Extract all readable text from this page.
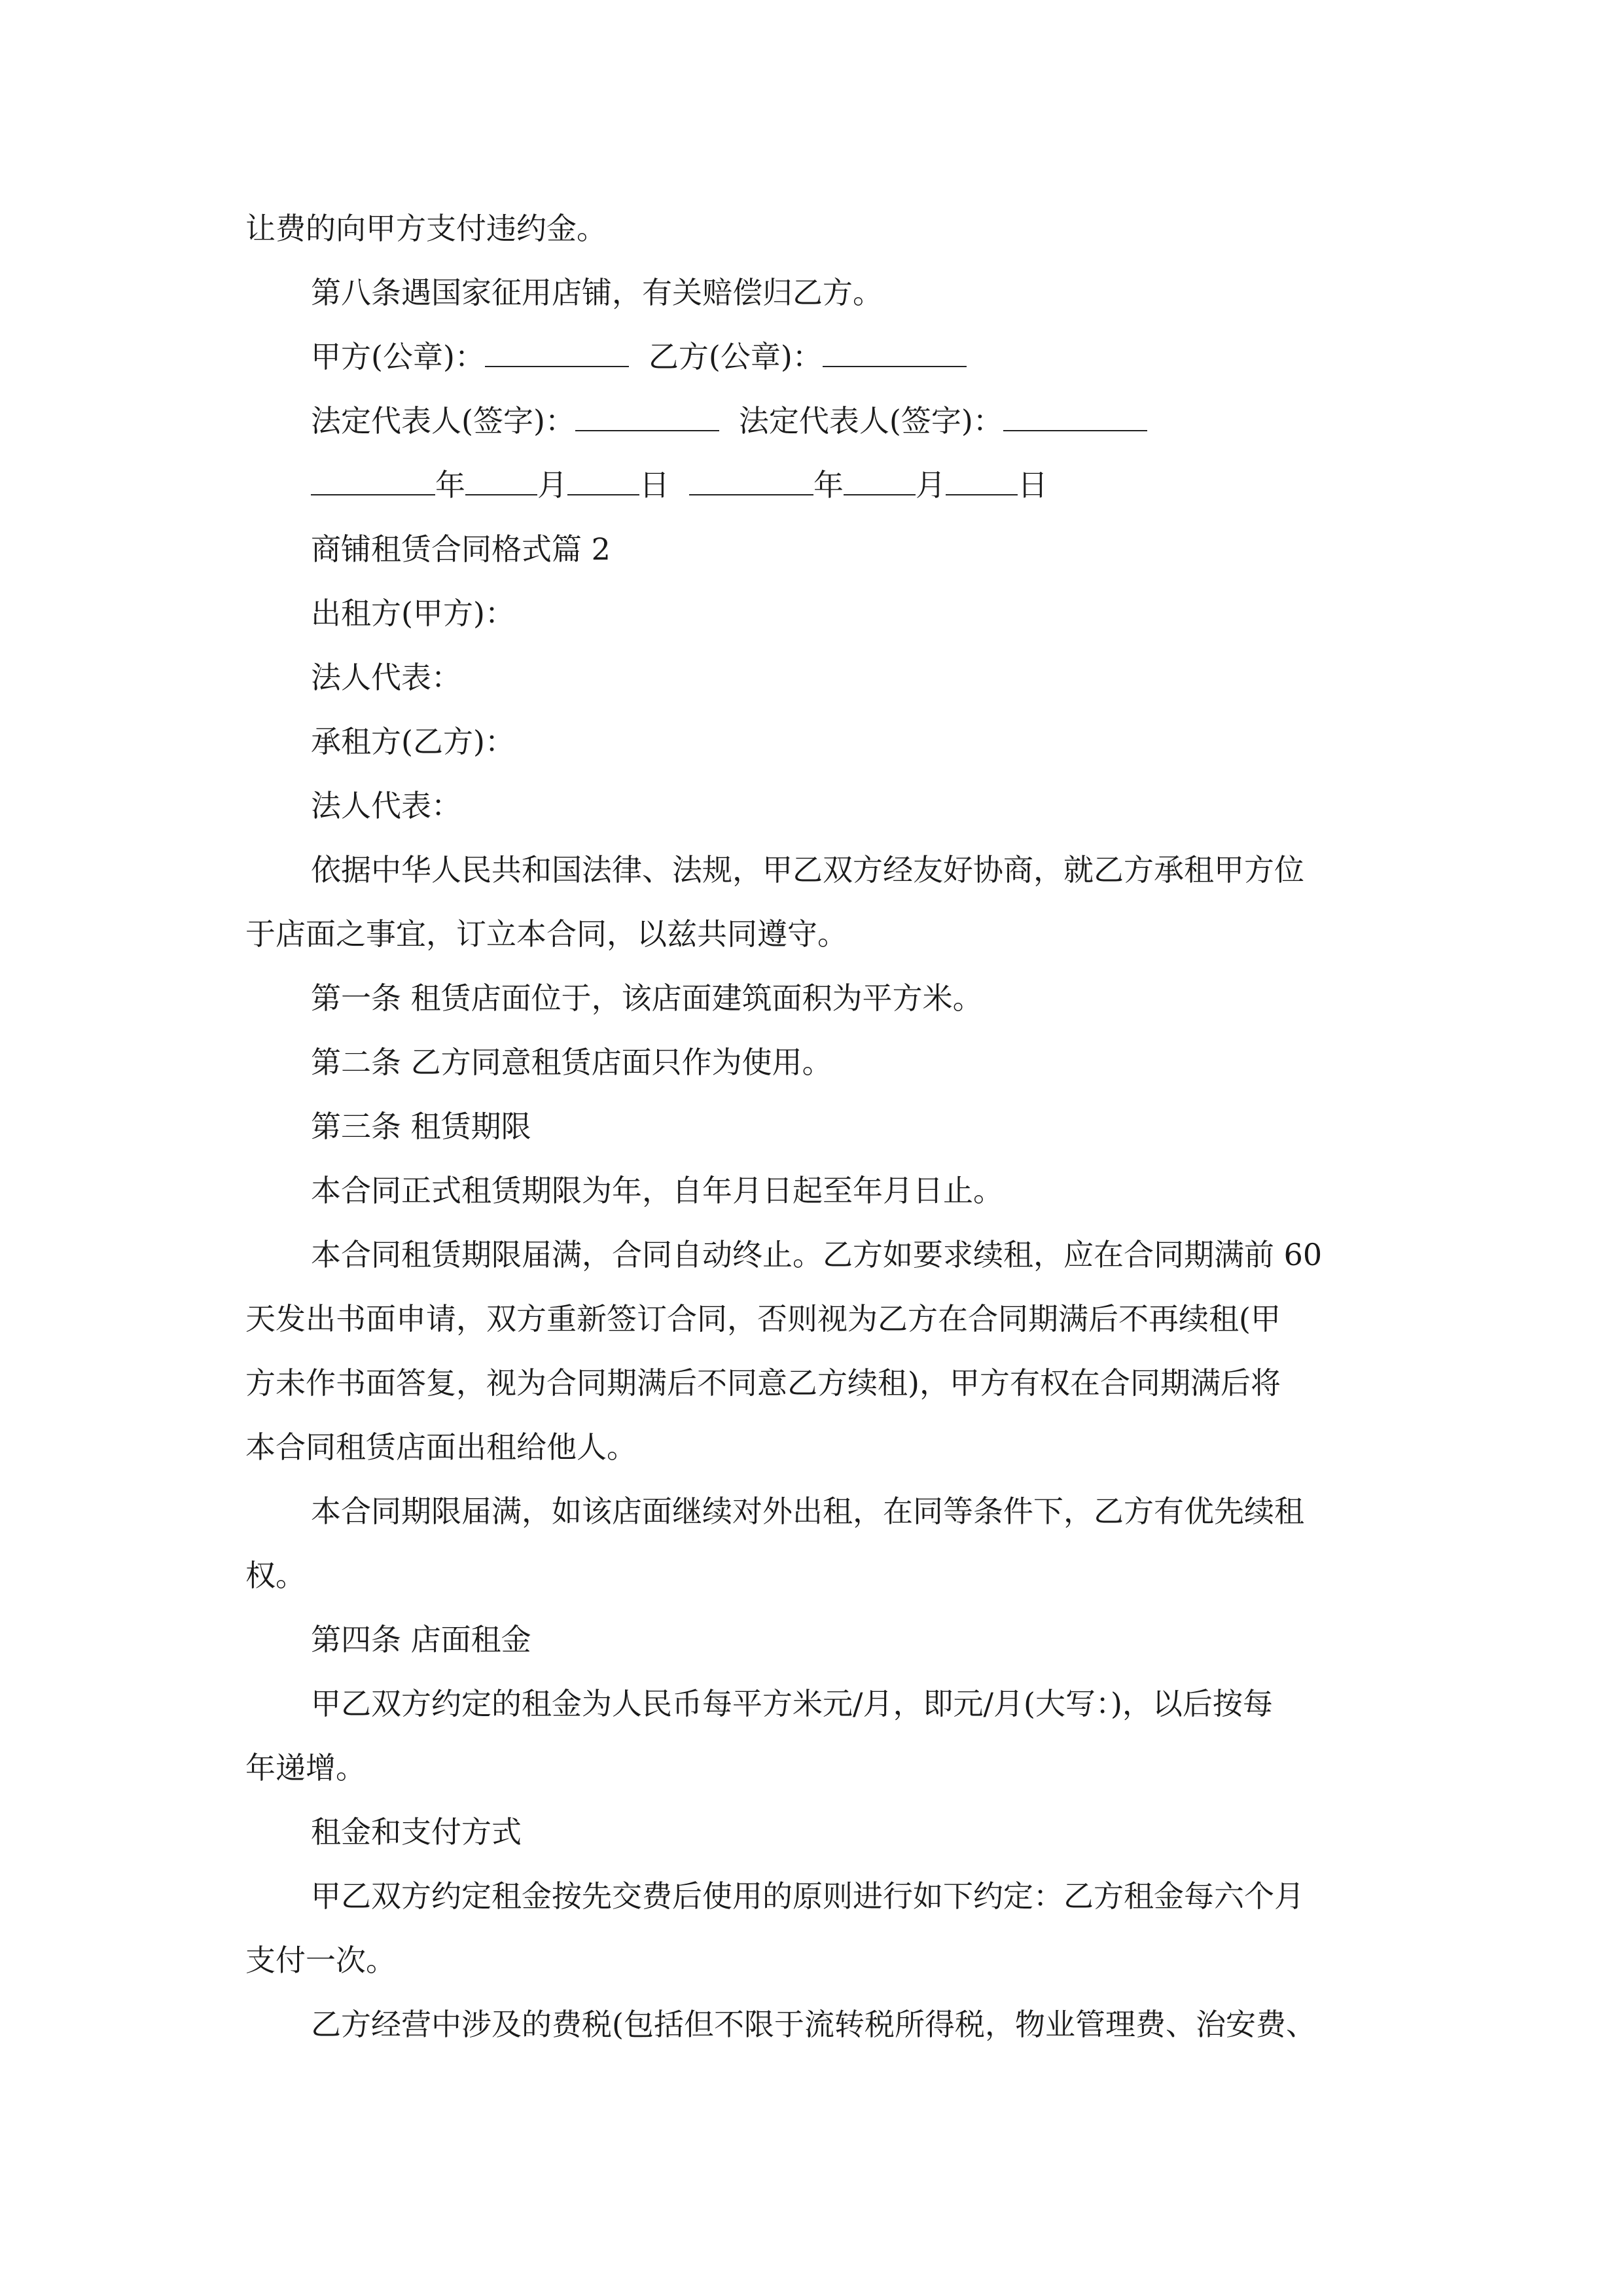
让费的向甲方支付违约金。

第八条遇国家征用店铺，有关赔偿归乙方。

甲方(公章)：	乙方(公章)：

法定代表人(签字)：	法定代表人(签字)：

年 月 日	年 月 日

商铺租赁合同格式篇 2

出租方(甲方)：

法人代表：

承租方(乙方)：

法人代表：

依据中华人民共和国法律、法规，甲乙双方经友好协商，就乙方承租甲方位

于店面之事宜，订立本合同，以兹共同遵守。

第一条 租赁店面位于，该店面建筑面积为平方米。

第二条 乙方同意租赁店面只作为使用。

第三条 租赁期限

本合同正式租赁期限为年，自年月日起至年月日止。

本合同租赁期限届满，合同自动终止。乙方如要求续租，应在合同期满前 60

天发出书面申请，双方重新签订合同，否则视为乙方在合同期满后不再续租(甲

方未作书面答复，视为合同期满后不同意乙方续租)，甲方有权在合同期满后将

本合同租赁店面出租给他人。

本合同期限届满，如该店面继续对外出租，在同等条件下，乙方有优先续租

权。

第四条 店面租金

甲乙双方约定的租金为人民币每平方米元/月，即元/月(大写：)，以后按每

年递增。

租金和支付方式

甲乙双方约定租金按先交费后使用的原则进行如下约定：乙方租金每六个月

支付一次。

乙方经营中涉及的费税(包括但不限于流转税所得税，物业管理费、治安费、
